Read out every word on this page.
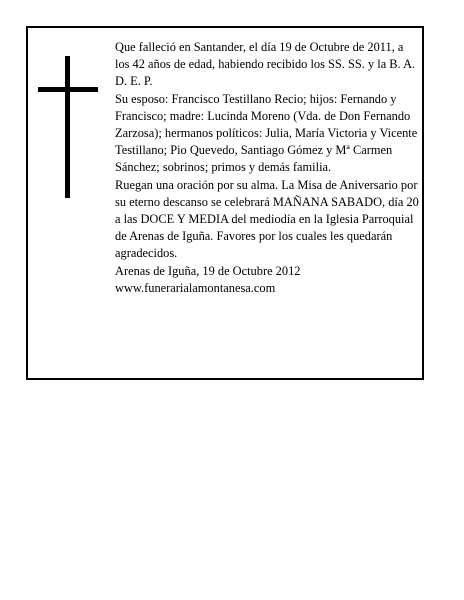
Que falleció en Santander, el día 19 de Octubre de 2011, a los 42 años de edad, habiendo recibido los SS. SS. y la B. A.

D. E. P.

Su esposo: Francisco Testillano Recio; hijos: Fernando y Francisco; madre: Lucinda Moreno (Vda. de Don Fernando Zarzosa); hermanos políticos: Julia, María Victoria y Vicente Testillano; Pio Quevedo, Santiago Gómez y Mª Carmen Sánchez; sobrinos; primos y demás familia.

Ruegan una oración por su alma. La Misa de Aniversario por su eterno descanso se celebrará MAÑANA SABADO, día 20 a las DOCE Y MEDIA del mediodía en la Iglesia Parroquial de Arenas de Iguña. Favores por los cuales les quedarán agradecidos.

Arenas de Iguña, 19 de Octubre 2012

www.funerarialamontanesa.com
